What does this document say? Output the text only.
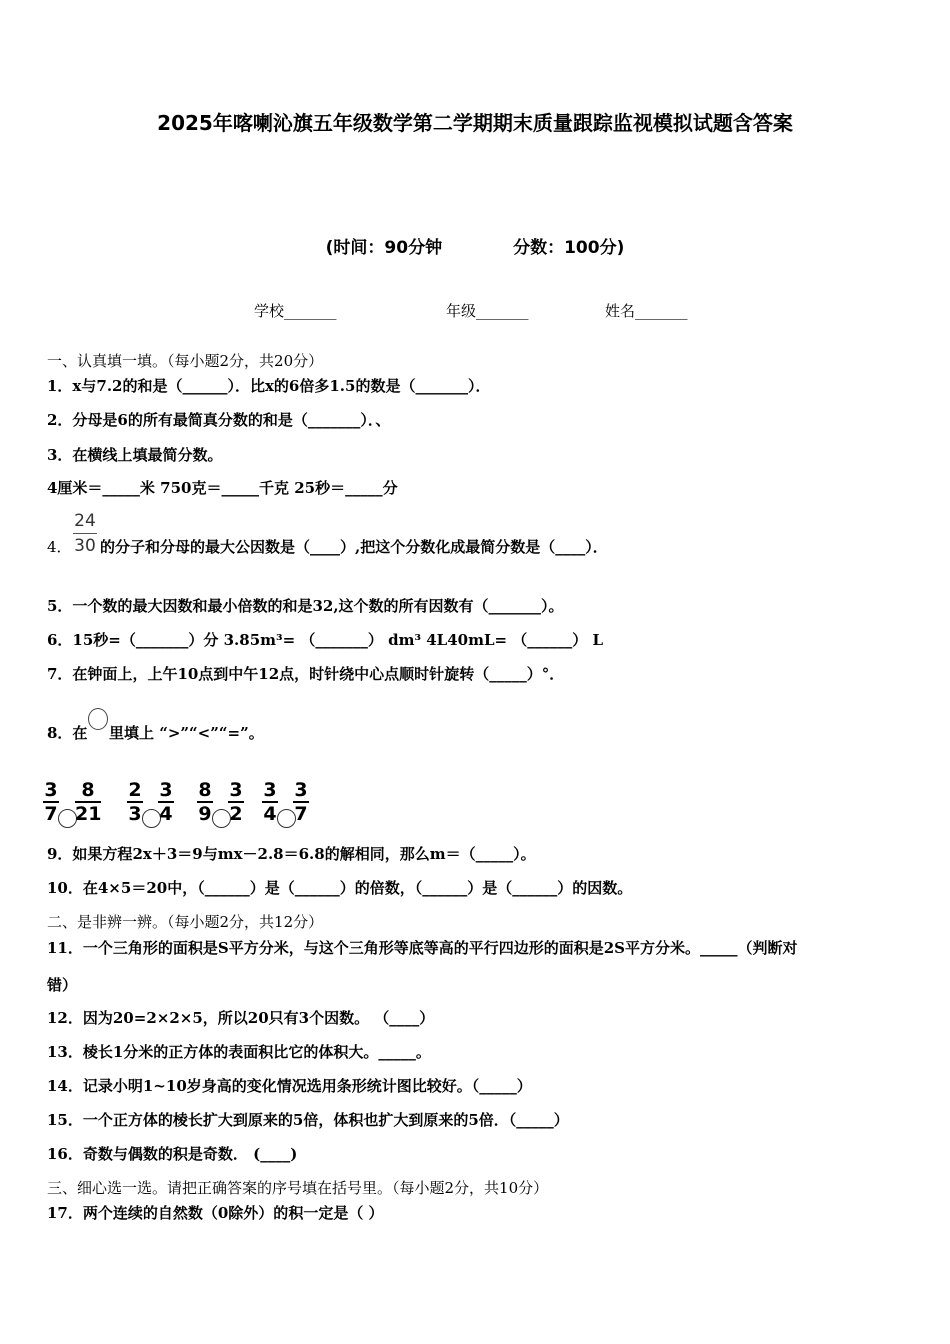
2025年喀喇沁旗五年级数学第二学期期末质量跟踪监视模拟试题含答案
(时间：90分钟            分数：100分)
学校_______	年级_______	姓名_______
一、认真填一填。（每小题2分，共20分）
1．x与7.2的和是（______）．比x的6倍多1.5的数是（_______）．
2．分母是6的所有最简真分数的和是（_______）．、
3．在横线上填最简分数。
4厘米＝_____米 750克＝_____千克 25秒＝_____分
4．
24
30 的分子和分母的最大公因数是（____）,把这个分数化成最简分数是（____）．
5．一个数的最大因数和最小倍数的和是32,这个数的所有因数有（_______）。
6．15秒=（_______）分 3.85m³= （_______） dm³ 4L40mL= （______） L
7．在钟面上，上午10点到中午12点，时针绕中心点顺时针旋转（_____）°．
8．在 里填上 “>”“<”“=”。
3
7
8
21
2
3
3
4
8
9
3
2
3
4
3
7
9．如果方程2x＋3＝9与mx－2.8＝6.8的解相同，那么m＝（_____）。
10．在4×5＝20中，（______）是（______）的倍数，（______）是（______）的因数。
二、是非辨一辨。（每小题2分，共12分）
11．一个三角形的面积是S平方分米，与这个三角形等底等高的平行四边形的面积是2S平方分米。_____（判断对
错）
12．因为20=2×2×5，所以20只有3个因数。 （____）
13．棱长1分米的正方体的表面积比它的体积大。_____。
14．记录小明1~10岁身高的变化情况选用条形统计图比较好。（_____）
15．一个正方体的棱长扩大到原来的5倍，体积也扩大到原来的5倍．（_____）
16．奇数与偶数的积是奇数． (____)
三、细心选一选。请把正确答案的序号填在括号里。（每小题2分，共10分）
17．两个连续的自然数（0除外）的积一定是（ ）
